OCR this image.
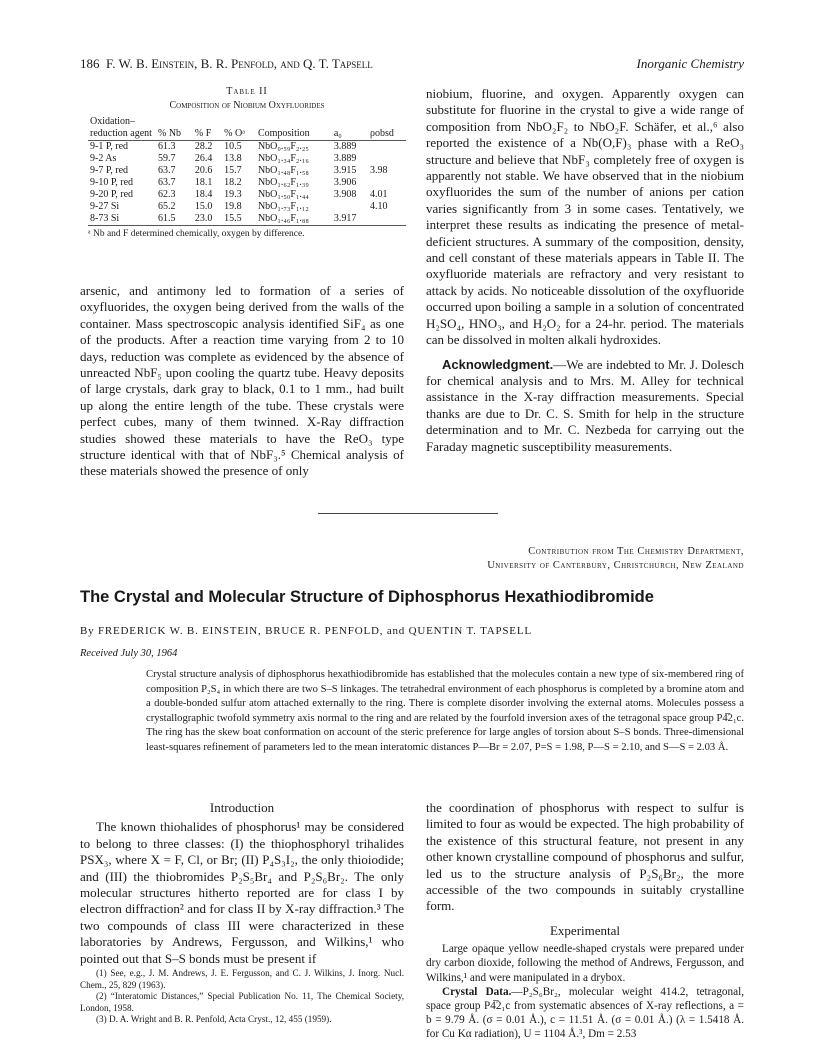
186 F. W. B. Einstein, B. R. Penfold, and Q. T. Tapsell	Inorganic Chemistry
Table II
Composition of Niobium Oxyfluorides
Oxidation–reduction agent	% Nb	% F	% Oᵃ	Composition	a₀	ρobsd
9-1 P, red	61.3	28.2	10.5	NbO₀.₅₉F₂.₂₅	3.889	
9-2 As	59.7	26.4	13.8	NbO₁.₃₄F₂.₁₆	3.889	
9-7 P, red	63.7	20.6	15.7	NbO₁.₄₈F₁.₅₈	3.915	3.98
9-10 P, red	63.7	18.1	18.2	NbO₁.₆₂F₁.₃₉	3.906	
9-20 P, red	62.3	18.4	19.3	NbO₁.₅₀F₁.₄₄	3.908	4.01
9-27 Si	65.2	15.0	19.8	NbO₁.₇₃F₁.₁₂		4.10
8-73 Si	61.5	23.0	15.5	NbO₁.₄₆F₁.₈₈	3.917	
ᵃ Nb and F determined chemically, oxygen by difference.

arsenic, and antimony led to formation of a series of oxyfluorides, the oxygen being derived from the walls of the container. Mass spectroscopic analysis identified SiF₄ as one of the products. After a reaction time varying from 2 to 10 days, reduction was complete as evidenced by the absence of unreacted NbF₅ upon cooling the quartz tube. Heavy deposits of large crystals, dark gray to black, 0.1 to 1 mm., had built up along the entire length of the tube. These crystals were perfect cubes, many of them twinned. X-Ray diffraction studies showed these materials to have the ReO₃ type structure identical with that of NbF₃.⁵ Chemical analysis of these materials showed the presence of only

niobium, fluorine, and oxygen. Apparently oxygen can substitute for fluorine in the crystal to give a wide range of composition from NbO₂F₂ to NbO₂F. Schäfer, et al.,⁶ also reported the existence of a Nb(O,F)₃ phase with a ReO₃ structure and believe that NbF₃ completely free of oxygen is apparently not stable. We have observed that in the niobium oxyfluorides the sum of the number of anions per cation varies significantly from 3 in some cases. Tentatively, we interpret these results as indicating the presence of metal-deficient structures. A summary of the composition, density, and cell constant of these materials appears in Table II. The oxyfluoride materials are refractory and very resistant to attack by acids. No noticeable dissolution of the oxyfluoride occurred upon boiling a sample in a solution of concentrated H₂SO₄, HNO₃, and H₂O₂ for a 24-hr. period. The materials can be dissolved in molten alkali hydroxides.

Acknowledgment.—We are indebted to Mr. J. Dolesch for chemical analysis and to Mrs. M. Alley for technical assistance in the X-ray diffraction measurements. Special thanks are due to Dr. C. S. Smith for help in the structure determination and to Mr. C. Nezbeda for carrying out the Faraday magnetic susceptibility measurements.

Contribution from The Chemistry Department,
University of Canterbury, Christchurch, New Zealand
The Crystal and Molecular Structure of Diphosphorus Hexathiodibromide
By FREDERICK W. B. EINSTEIN, BRUCE R. PENFOLD, and QUENTIN T. TAPSELL
Received July 30, 1964
Crystal structure analysis of diphosphorus hexathiodibromide has established that the molecules contain a new type of six-membered ring of composition P₂S₄ in which there are two S–S linkages. The tetrahedral environment of each phosphorus is completed by a bromine atom and a double-bonded sulfur atom attached externally to the ring. There is complete disorder involving the external atoms. Molecules possess a crystallographic twofold symmetry axis normal to the ring and are related by the fourfold inversion axes of the tetragonal space group P4̅2₁c. The ring has the skew boat conformation on account of the steric preference for large angles of torsion about S–S bonds. Three-dimensional least-squares refinement of parameters led to the mean interatomic distances P—Br = 2.07, P=S = 1.98, P—S = 2.10, and S—S = 2.03 Å.
Introduction

The known thiohalides of phosphorus¹ may be considered to belong to three classes: (I) the thiophosphoryl trihalides PSX₃, where X = F, Cl, or Br; (II) P₄S₃I₂, the only thioiodide; and (III) the thiobromides P₂S₅Br₄ and P₂S₆Br₂. The only molecular structures hitherto reported are for class I by electron diffraction² and for class II by X-ray diffraction.³ The two compounds of class III were characterized in these laboratories by Andrews, Fergusson, and Wilkins,¹ who pointed out that S–S bonds must be present if

(1) See, e.g., J. M. Andrews, J. E. Fergusson, and C. J. Wilkins, J. Inorg. Nucl. Chem., 25, 829 (1963).

(2) “Interatomic Distances,” Special Publication No. 11, The Chemical Society, London, 1958.

(3) D. A. Wright and B. R. Penfold, Acta Cryst., 12, 455 (1959).

the coordination of phosphorus with respect to sulfur is limited to four as would be expected. The high probability of the existence of this structural feature, not present in any other known crystalline compound of phosphorus and sulfur, led us to the structure analysis of P₂S₆Br₂, the more accessible of the two compounds in suitably crystalline form.

Experimental

Large opaque yellow needle-shaped crystals were prepared under dry carbon dioxide, following the method of Andrews, Fergusson, and Wilkins,¹ and were manipulated in a drybox.

Crystal Data.—P₂S₆Br₂, molecular weight 414.2, tetragonal, space group P4̅2₁c from systematic absences of X-ray reflections, a = b = 9.79 Å. (σ = 0.01 Å.), c = 11.51 Å. (σ = 0.01 Å.) (λ = 1.5418 Å. for Cu Kα radiation), U = 1104 Å.³, Dm = 2.53
